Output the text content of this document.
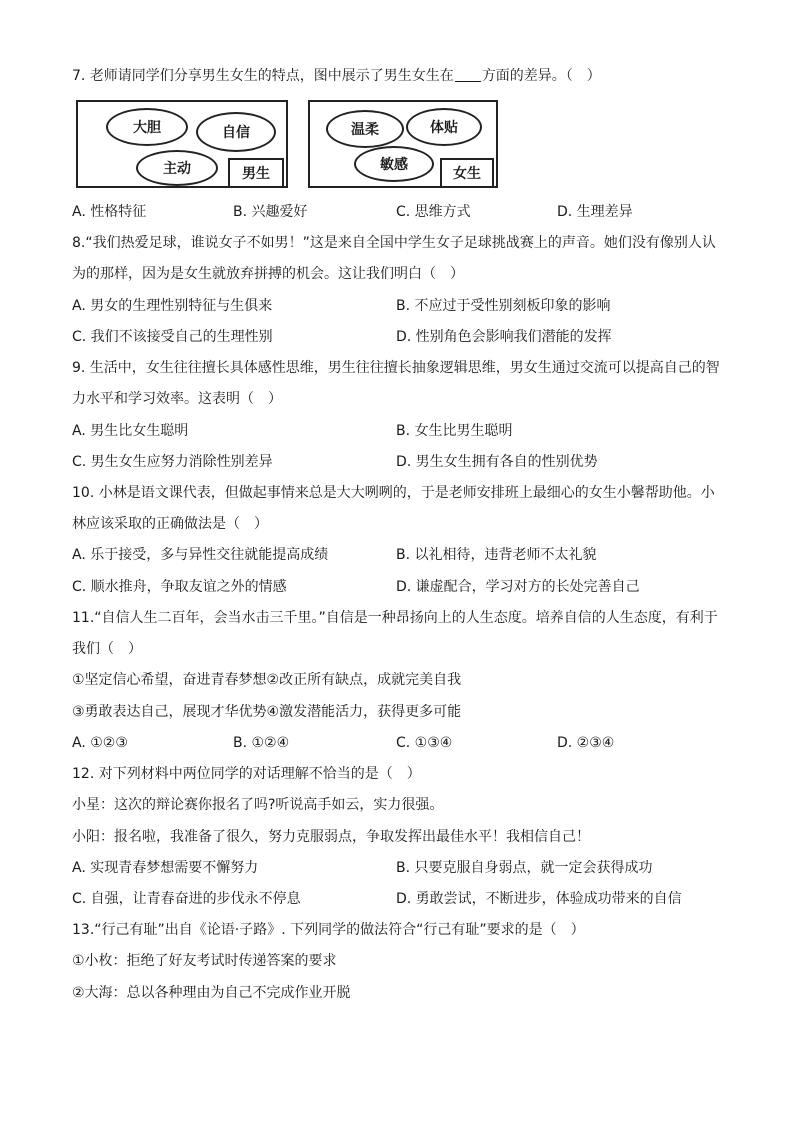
7. 老师请同学们分享男生女生的特点，图中展示了男生女生在 方面的差异。（　）
大胆	自信
主动	男生
温柔	体贴
敏感
女生
A. 性格特征	B. 兴趣爱好	C. 思维方式	D. 生理差异
8.“我们热爱足球，谁说女子不如男！”这是来自全国中学生女子足球挑战赛上的声音。她们没有像别人认
为的那样，因为是女生就放弃拼搏的机会。这让我们明白（　）
A. 男女的生理性别特征与生俱来	B. 不应过于受性别刻板印象的影响
C. 我们不该接受自己的生理性别	D. 性别角色会影响我们潜能的发挥
9. 生活中，女生往往擅长具体感性思维，男生往往擅长抽象逻辑思维，男女生通过交流可以提高自己的智
力水平和学习效率。这表明（　）
A. 男生比女生聪明	B. 女生比男生聪明
C. 男生女生应努力消除性别差异	D. 男生女生拥有各自的性别优势
10. 小林是语文课代表，但做起事情来总是大大咧咧的，于是老师安排班上最细心的女生小馨帮助他。小
林应该采取的正确做法是（　）
A. 乐于接受，多与异性交往就能提高成绩	B. 以礼相待，违背老师不太礼貌
C. 顺水推舟，争取友谊之外的情感	D. 谦虚配合，学习对方的长处完善自己
11.“自信人生二百年，会当水击三千里。”自信是一种昂扬向上的人生态度。培养自信的人生态度，有利于
我们（　）
①坚定信心希望，奋进青春梦想②改正所有缺点，成就完美自我
③勇敢表达自己，展现才华优势④激发潜能活力，获得更多可能
A. ①②③	B. ①②④	C. ①③④	D. ②③④
12. 对下列材料中两位同学的对话理解不恰当的是（　）
小星：这次的辩论赛你报名了吗?听说高手如云，实力很强。
小阳：报名啦，我准备了很久，努力克服弱点，争取发挥出最佳水平！我相信自己！
A. 实现青春梦想需要不懈努力	B. 只要克服自身弱点，就一定会获得成功
C. 自强，让青春奋进的步伐永不停息	D. 勇敢尝试，不断进步，体验成功带来的自信
13.“行己有耻”出自《论语·子路》. 下列同学的做法符合“行己有耻”要求的是（　）
①小枚：拒绝了好友考试时传递答案的要求
②大海：总以各种理由为自己不完成作业开脱
